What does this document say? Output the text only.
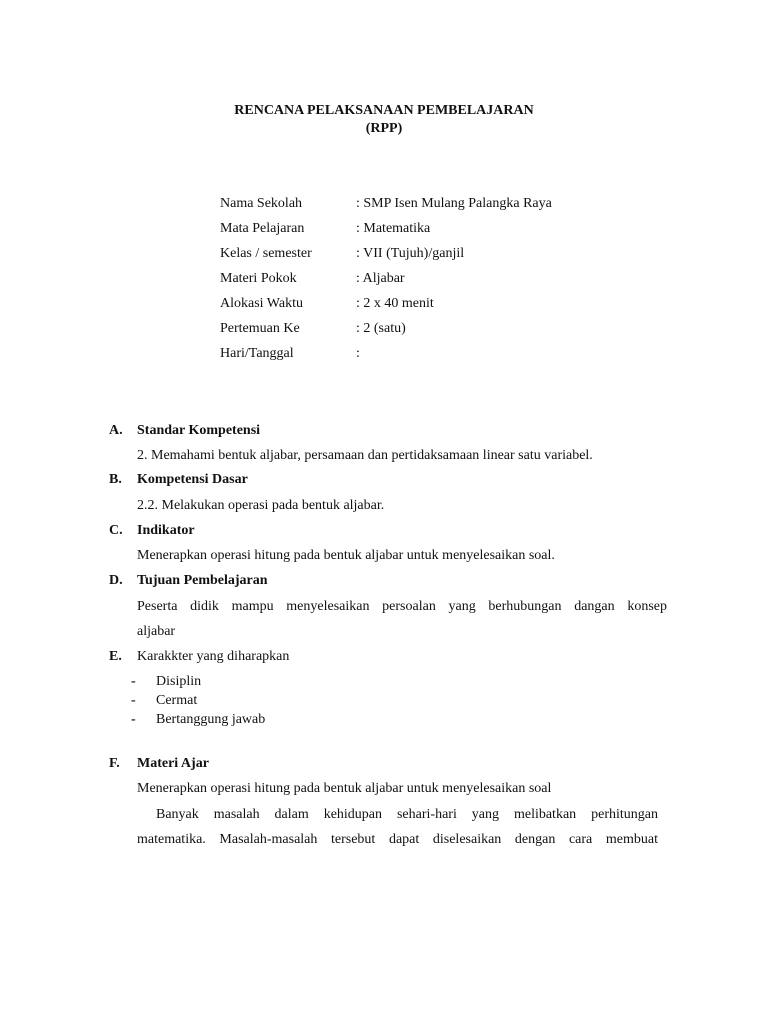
RENCANA PELAKSANAAN PEMBELAJARAN
(RPP)
Nama Sekolah	: SMP Isen Mulang Palangka Raya
Mata Pelajaran	: Matematika
Kelas / semester	: VII (Tujuh)/ganjil
Materi Pokok	: Aljabar
Alokasi Waktu	: 2 x 40 menit
Pertemuan Ke	: 2 (satu)
Hari/Tanggal	:
A. Standar Kompetensi
2. Memahami bentuk aljabar, persamaan dan pertidaksamaan linear satu variabel.
B. Kompetensi Dasar
2.2. Melakukan operasi pada bentuk aljabar.
C. Indikator
Menerapkan operasi hitung pada bentuk aljabar untuk menyelesaikan soal.
D. Tujuan Pembelajaran
Peserta didik mampu menyelesaikan persoalan yang berhubungan dangan konsep
aljabar
E. Karakkter yang diharapkan
- Disiplin
- Cermat
- Bertanggung jawab
F. Materi Ajar
Menerapkan operasi hitung pada bentuk aljabar untuk menyelesaikan soal
Banyak masalah dalam kehidupan sehari-hari yang melibatkan perhitungan
matematika. Masalah-masalah tersebut dapat diselesaikan dengan cara membuat
